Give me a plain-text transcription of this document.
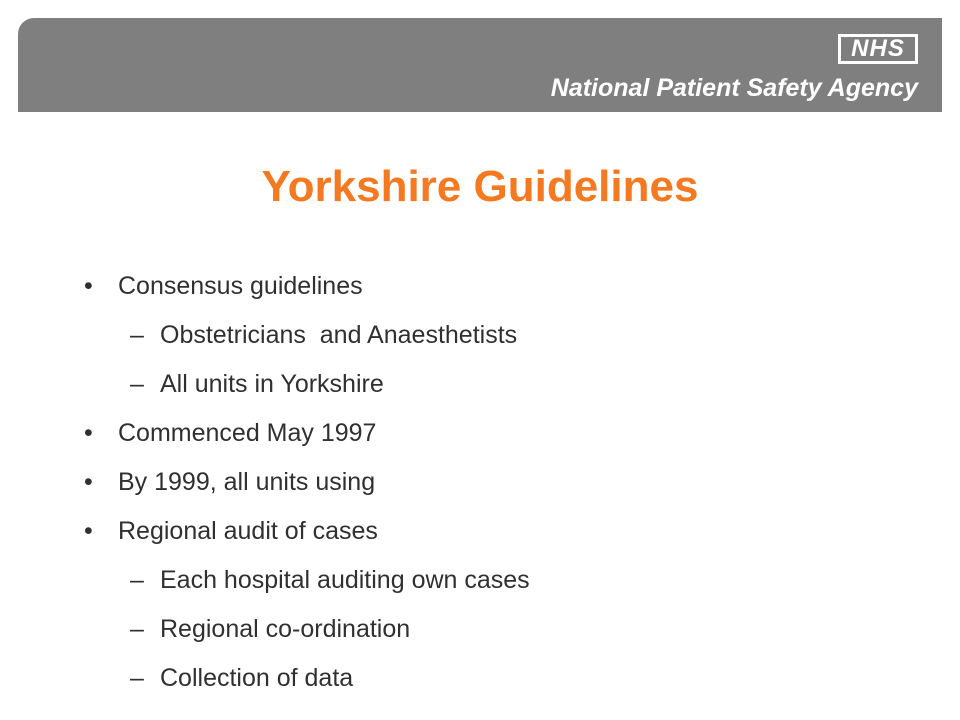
NHS
National Patient Safety Agency
Yorkshire Guidelines
• Consensus guidelines
– Obstetricians  and Anaesthetists
– All units in Yorkshire
• Commenced May 1997
• By 1999, all units using
• Regional audit of cases
– Each hospital auditing own cases
– Regional co-ordination
– Collection of data
